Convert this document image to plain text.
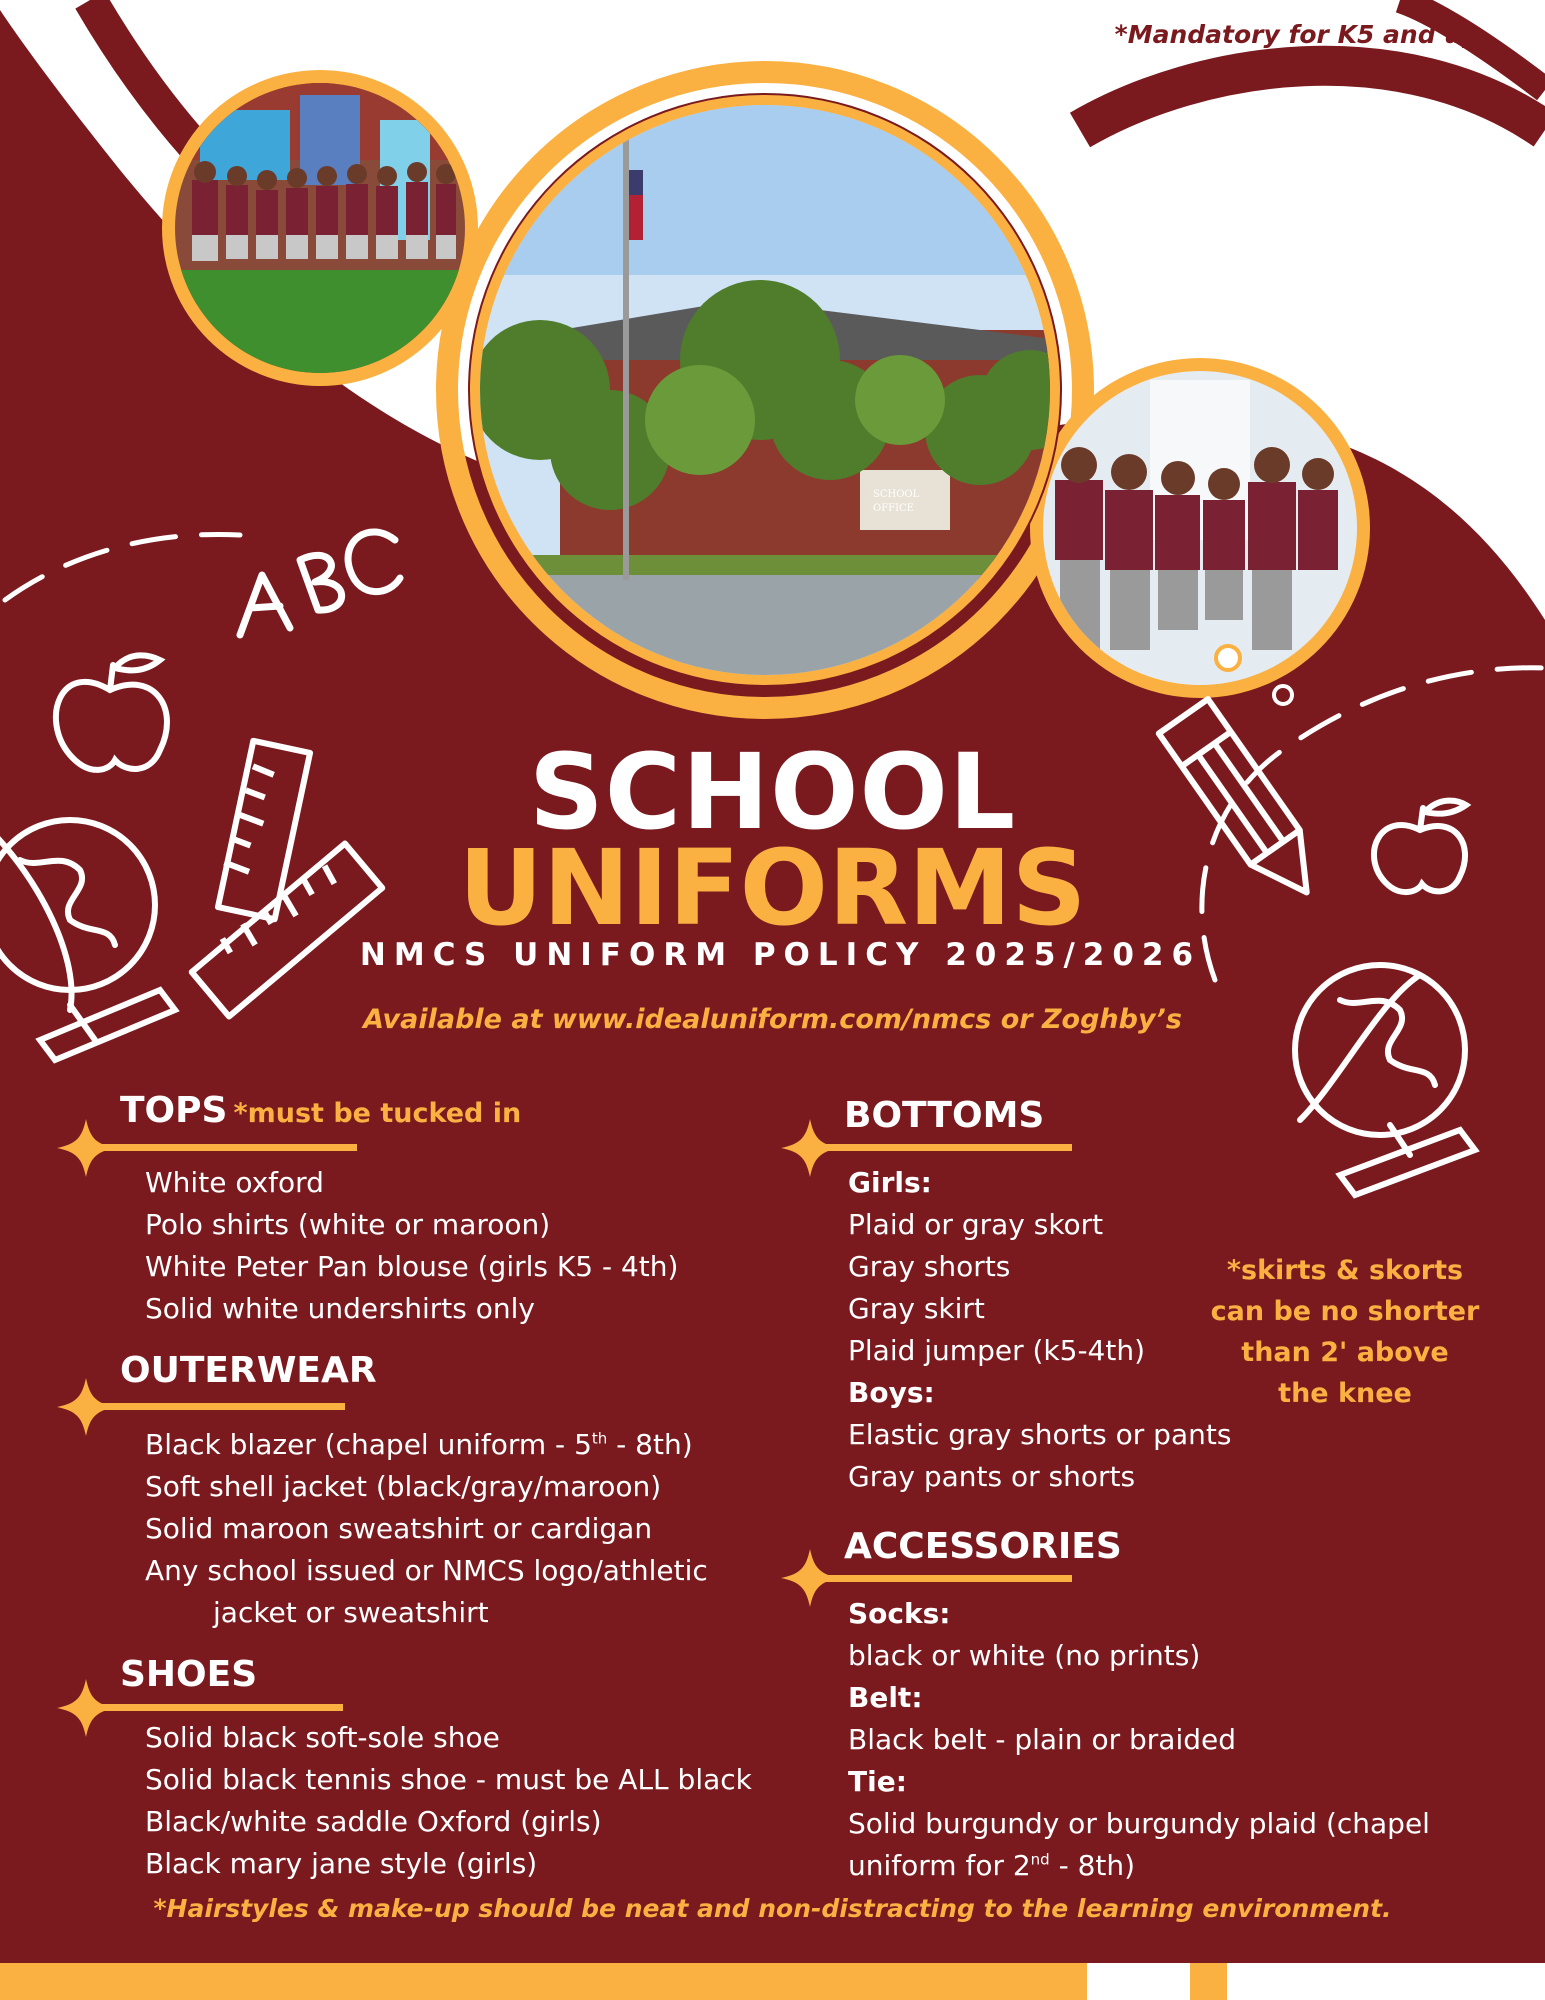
SCHOOL
OFFICE
*Mandatory for K5 and up
SCHOOL
UNIFORMS
NMCS UNIFORM POLICY 2025/2026
Available at www.idealuniform.com/nmcs or Zoghby’s
TOPS *must be tucked in
White oxford
Polo shirts (white or maroon)
White Peter Pan blouse (girls K5 - 4th)
Solid white undershirts only
OUTERWEAR
Black blazer (chapel uniform - 5th - 8th)
Soft shell jacket (black/gray/maroon)
Solid maroon sweatshirt or cardigan
Any school issued or NMCS logo/athletic
jacket or sweatshirt
SHOES
Solid black soft-sole shoe
Solid black tennis shoe - must be ALL black
Black/white saddle Oxford (girls)
Black mary jane style (girls)
BOTTOMS
Girls:
Plaid or gray skort
Gray shorts
Gray skirt
Plaid jumper (k5-4th)
Boys:
Elastic gray shorts or pants
Gray pants or shorts
*skirts & skorts
can be no shorter
than 2' above
the knee
ACCESSORIES
Socks:
black or white (no prints)
Belt:
Black belt - plain or braided
Tie:
Solid burgundy or burgundy plaid (chapel
uniform for 2nd - 8th)
*Hairstyles & make-up should be neat and non-distracting to the learning environment.
